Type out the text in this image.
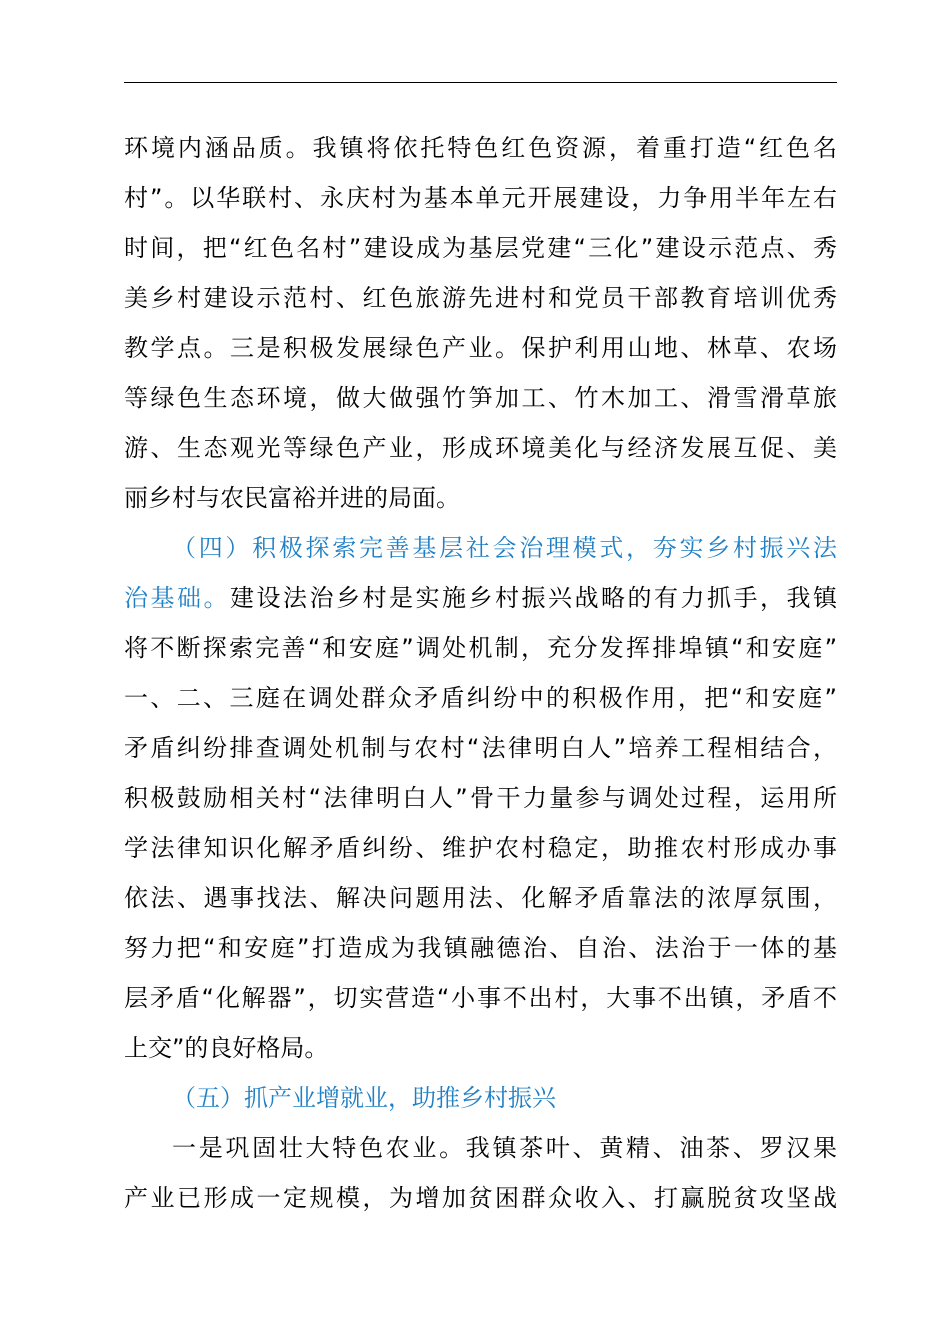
环境内涵品质。我镇将依托特色红色资源，着重打造“红色名
村”。以华联村、永庆村为基本单元开展建设，力争用半年左右
时间，把“红色名村”建设成为基层党建“三化”建设示范点、秀
美乡村建设示范村、红色旅游先进村和党员干部教育培训优秀
教学点。三是积极发展绿色产业。保护利用山地、林草、农场
等绿色生态环境，做大做强竹笋加工、竹木加工、滑雪滑草旅
游、生态观光等绿色产业，形成环境美化与经济发展互促、美
丽乡村与农民富裕并进的局面。
（四）积极探索完善基层社会治理模式，夯实乡村振兴法
治基础。建设法治乡村是实施乡村振兴战略的有力抓手，我镇
将不断探索完善“和安庭”调处机制，充分发挥排埠镇“和安庭”
一、二、三庭在调处群众矛盾纠纷中的积极作用，把“和安庭”
矛盾纠纷排查调处机制与农村“法律明白人”培养工程相结合，
积极鼓励相关村“法律明白人”骨干力量参与调处过程，运用所
学法律知识化解矛盾纠纷、维护农村稳定，助推农村形成办事
依法、遇事找法、解决问题用法、化解矛盾靠法的浓厚氛围，
努力把“和安庭”打造成为我镇融德治、自治、法治于一体的基
层矛盾“化解器”，切实营造“小事不出村，大事不出镇，矛盾不
上交”的良好格局。
（五）抓产业增就业，助推乡村振兴
一是巩固壮大特色农业。我镇茶叶、黄精、油茶、罗汉果
产业已形成一定规模，为增加贫困群众收入、打赢脱贫攻坚战
